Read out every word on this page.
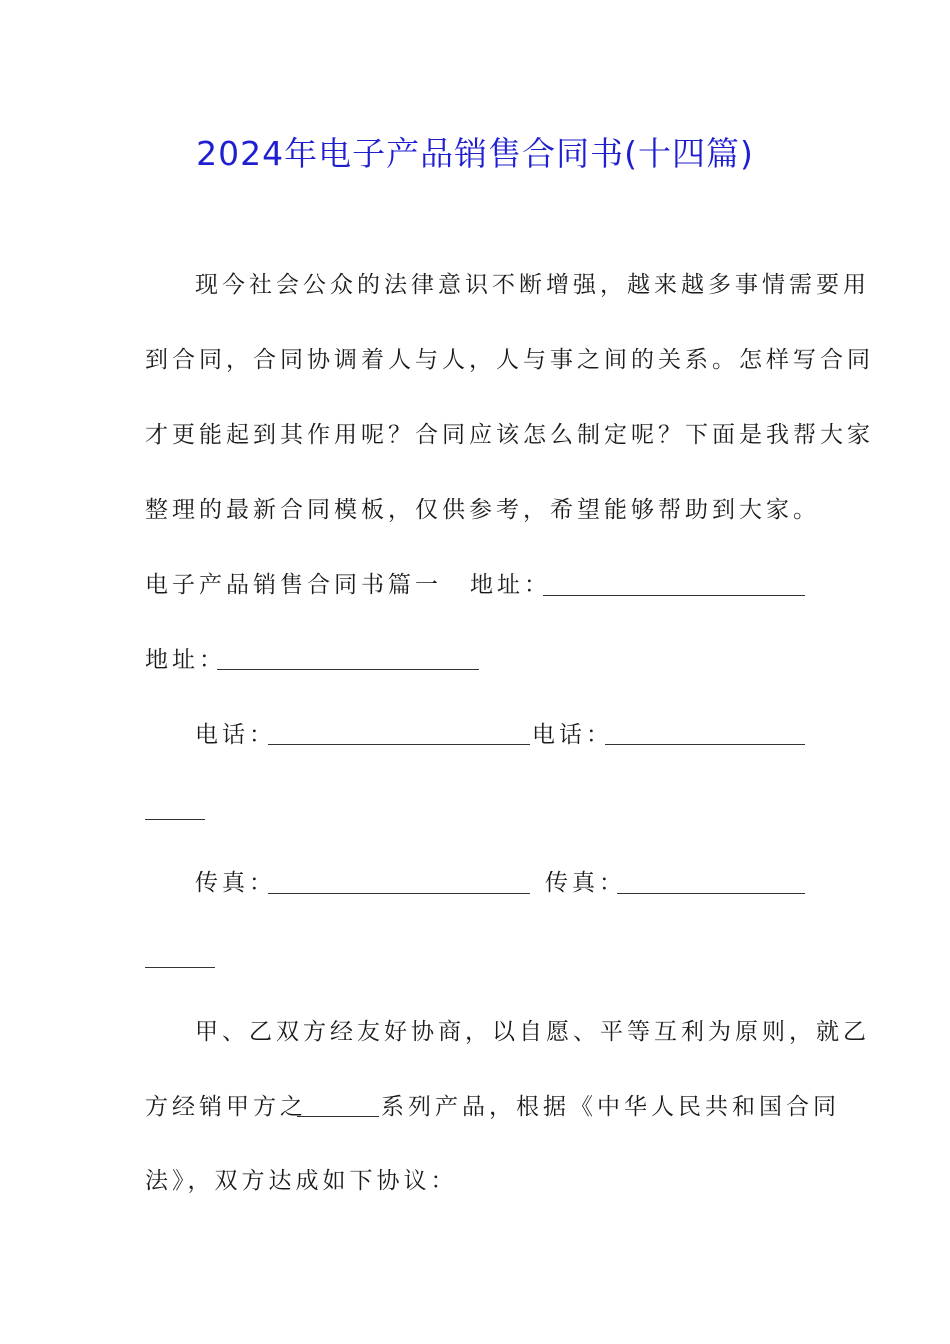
2024年电子产品销售合同书(十四篇)
现今社会公众的法律意识不断增强，越来越多事情需要用
到合同，合同协调着人与人，人与事之间的关系。怎样写合同
才更能起到其作用呢？合同应该怎么制定呢？下面是我帮大家
整理的最新合同模板，仅供参考，希望能够帮助到大家。
电子产品销售合同书篇一 地址：
地址：
电话：	电话：
传真：	传真：
甲、乙双方经友好协商，以自愿、平等互利为原则，就乙
方经销甲方之	系列产品，根据《中华人民共和国合同
法》，双方达成如下协议：
